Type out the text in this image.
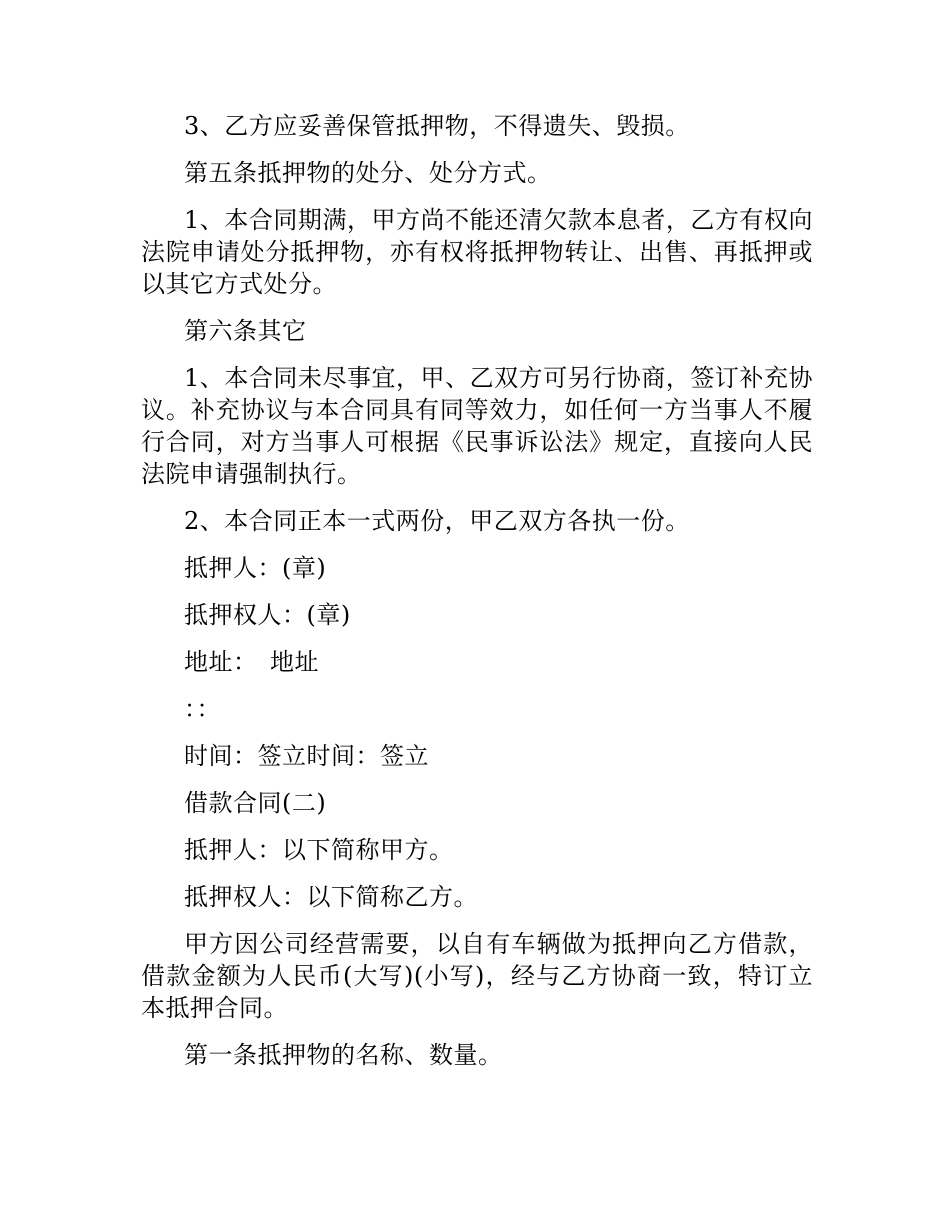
3、乙方应妥善保管抵押物，不得遗失、毁损。

第五条抵押物的处分、处分方式。

1、本合同期满，甲方尚不能还清欠款本息者，乙方有权向法院申请处分抵押物，亦有权将抵押物转让、出售、再抵押或以其它方式处分。

第六条其它

1、本合同未尽事宜，甲、乙双方可另行协商，签订补充协议。补充协议与本合同具有同等效力，如任何一方当事人不履行合同，对方当事人可根据《民事诉讼法》规定，直接向人民法院申请强制执行。

2、本合同正本一式两份，甲乙双方各执一份。

抵押人：(章)

抵押权人：(章)

地址：　地址

：：

时间：签立时间：签立

借款合同(二)

抵押人：以下简称甲方。

抵押权人：以下简称乙方。

甲方因公司经营需要，以自有车辆做为抵押向乙方借款，借款金额为人民币(大写)(小写)，经与乙方协商一致，特订立本抵押合同。

第一条抵押物的名称、数量。
